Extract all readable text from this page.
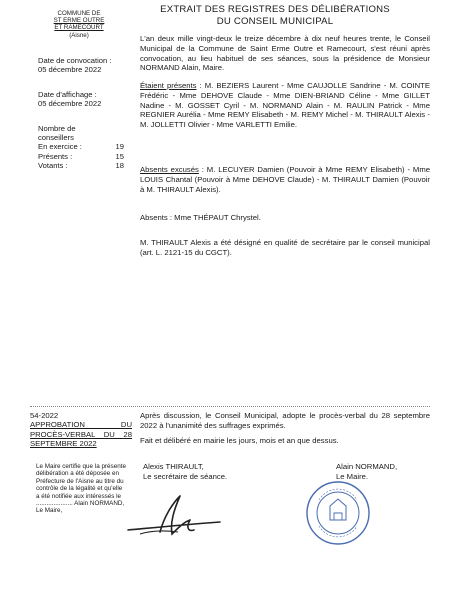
COMMUNE DE
ST ERME OUTRE
ET RAMECOURT
(Aisne)
Date de convocation :
05 décembre 2022
Date d'affichage :
05 décembre 2022
Nombre de
conseillers
En exercice :	19
Présents :	15
Votants :	18
EXTRAIT DES REGISTRES DES DÉLIBÉRATIONS
DU CONSEIL MUNICIPAL
L'an deux mille vingt-deux le treize décembre à dix neuf heures trente, le Conseil Municipal de la Commune de Saint Erme Outre et Ramecourt, s'est réuni après convocation, au lieu habituel de ses séances, sous la présidence de Monsieur NORMAND Alain, Maire.
Étaient présents : M. BEZIERS Laurent - Mme CAUJOLLE Sandrine - M. COINTE Frédéric - Mme DEHOVE Claude - Mme DIEN-BRIAND Céline - Mme GILLET Nadine - M. GOSSET Cyril - M. NORMAND Alain - M. RAULIN Patrick - Mme REGNIER Aurélia - Mme REMY Elisabeth - M. REMY Michel - M. THIRAULT Alexis - M. JOLLETTI Olivier - Mme VARLETTI Emilie.
Absents excusés : M. LECUYER Damien (Pouvoir à Mme REMY Elisabeth) - Mme LOUIS Chantal (Pouvoir à Mme DEHOVE Claude) - M. THIRAULT Damien (Pouvoir à M. THIRAULT Alexis).
Absents : Mme THÉPAUT Chrystel.
M. THIRAULT Alexis a été désigné en qualité de secrétaire par le conseil municipal (art. L. 2121-15 du CGCT).
54-2022
APPROBATION DU PROCÈS-VERBAL DU 28 SEPTEMBRE 2022
Après discussion, le Conseil Municipal, adopte le procès-verbal du 28 septembre 2022 à l'unanimité des suffrages exprimés.
Fait et délibéré en mairie les jours, mois et an que dessus.
Alexis THIRAULT,
Le secrétaire de séance.
Alain NORMAND,
Le Maire.
Le Maire certifie que la présente délibération a été déposée en Préfecture de l'Aisne au titre du contrôle de la légalité et qu'elle a été notifiée aux intéressés le ..................... Alain NORMAND, Le Maire,
